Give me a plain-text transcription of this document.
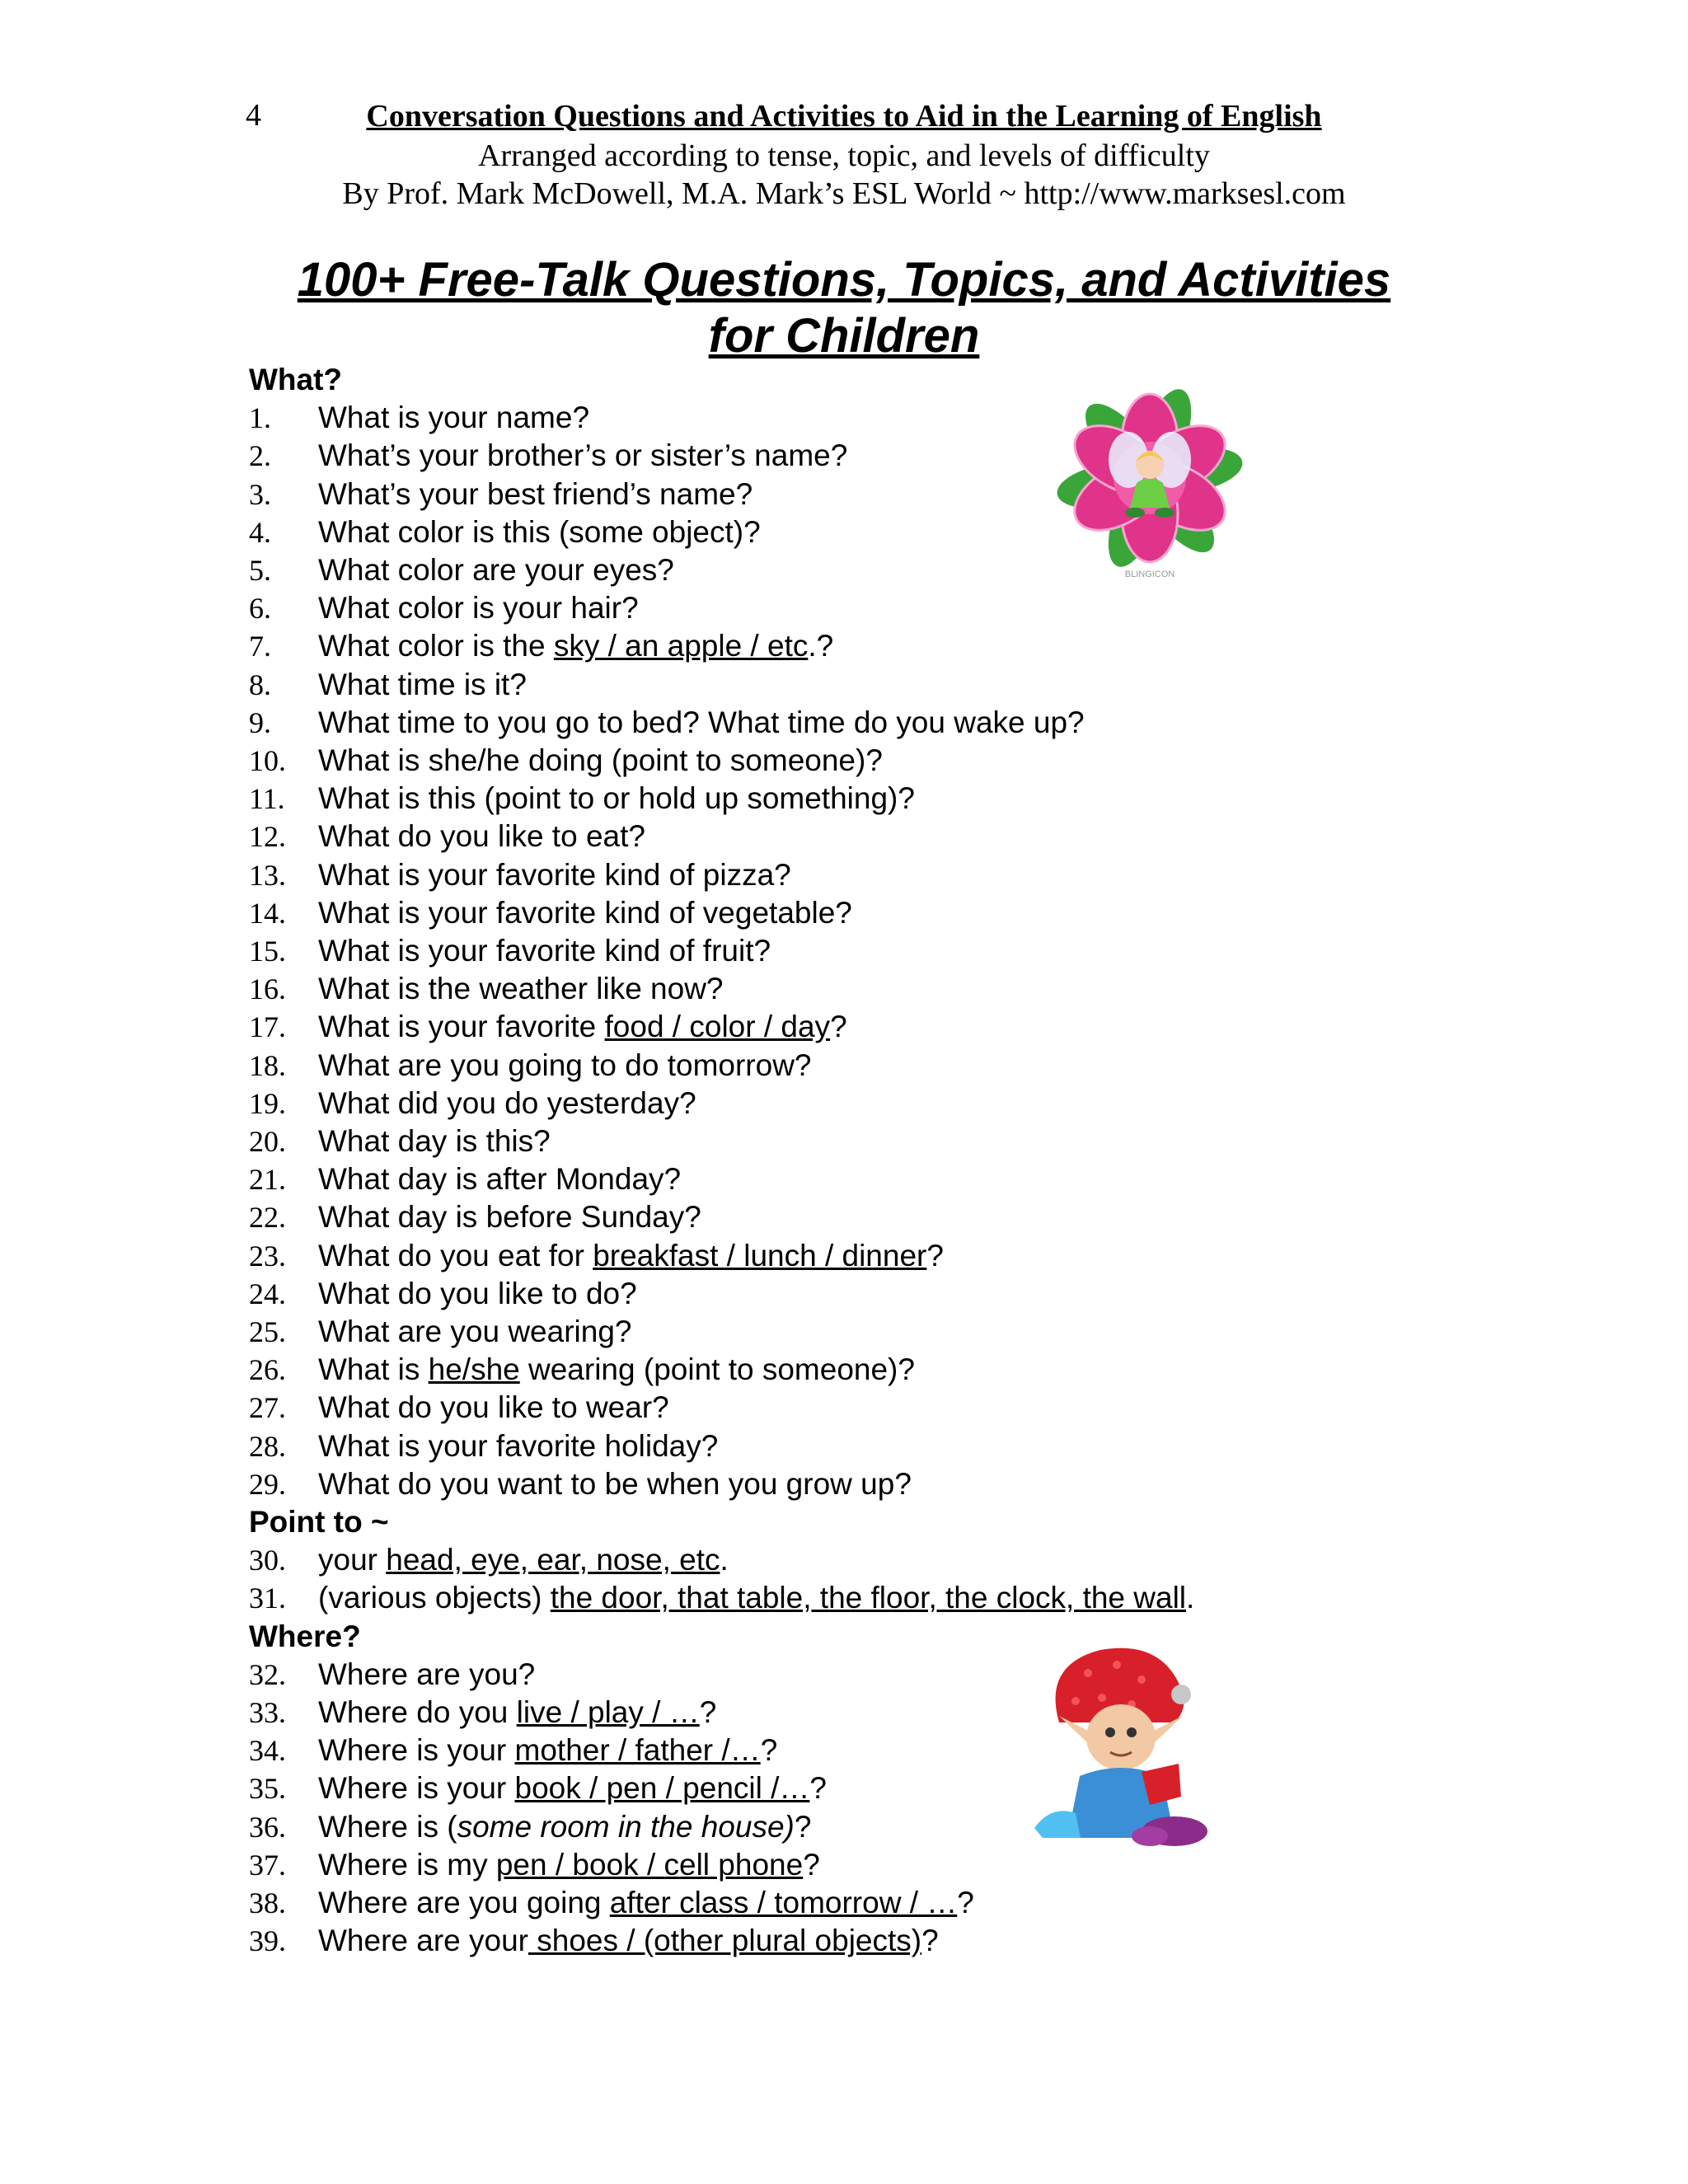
4	Conversation Questions and Activities to Aid in the Learning of English
Arranged according to tense, topic, and levels of difficulty
By Prof. Mark McDowell, M.A. Mark’s ESL World ~ http://www.marksesl.com
100+ Free-Talk Questions, Topics, and Activities
for Children
What?
1. What is your name?
2. What’s your brother’s or sister’s name?
3. What’s your best friend’s name?
4. What color is this (some object)?
5. What color are your eyes?
6. What color is your hair?
7. What color is the sky / an apple / etc.?
8. What time is it?
9. What time to you go to bed? What time do you wake up?
10. What is she/he doing (point to someone)?
11. What is this (point to or hold up something)?
12. What do you like to eat?
13. What is your favorite kind of pizza?
14. What is your favorite kind of vegetable?
15. What is your favorite kind of fruit?
16. What is the weather like now?
17. What is your favorite food / color / day?
18. What are you going to do tomorrow?
19. What did you do yesterday?
20. What day is this?
21. What day is after Monday?
22. What day is before Sunday?
23. What do you eat for breakfast / lunch / dinner?
24. What do you like to do?
25. What are you wearing?
26. What is he/she wearing (point to someone)?
27. What do you like to wear?
28. What is your favorite holiday?
29. What do you want to be when you grow up?
Point to ~
30. your head, eye, ear, nose, etc.
31. (various objects) the door, that table, the floor, the clock, the wall.
Where?
32. Where are you?
33. Where do you live / play / …?
34. Where is your mother / father /…?
35. Where is your book / pen / pencil /…?
36. Where is (some room in the house)?
37. Where is my pen / book / cell phone?
38. Where are you going after class / tomorrow / …?
39. Where are your shoes / (other plural objects)?
BLINGICON
